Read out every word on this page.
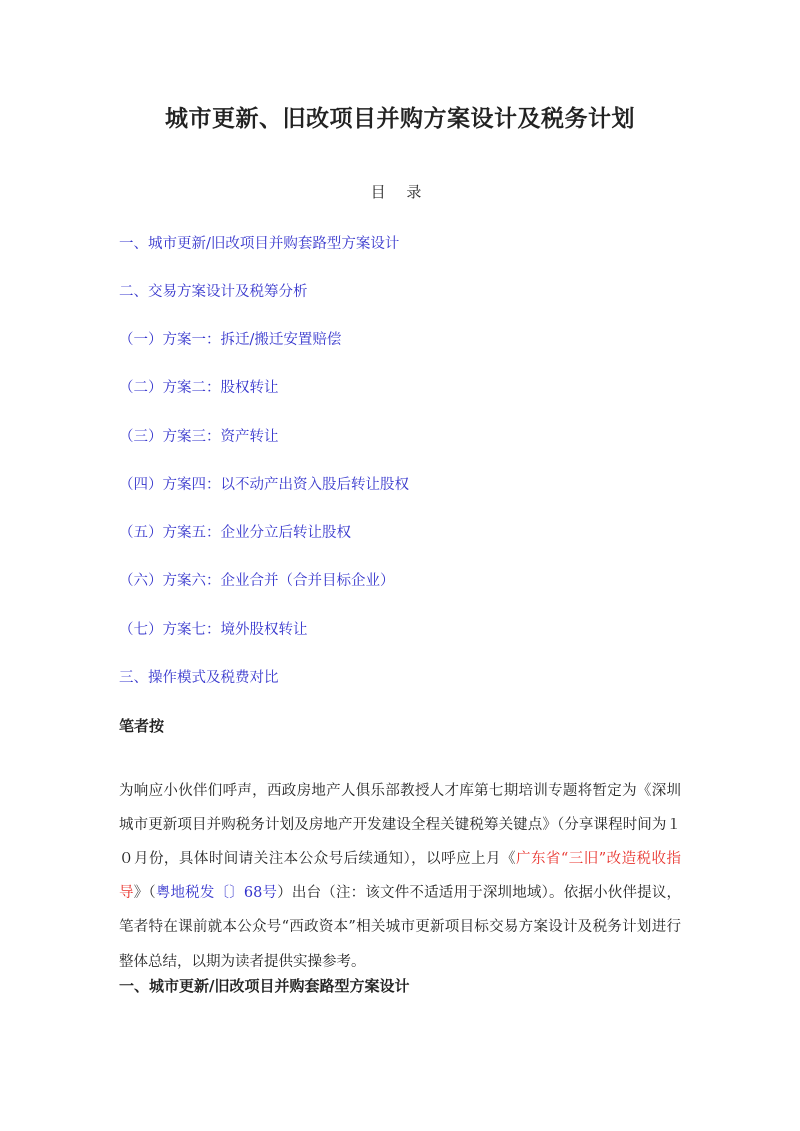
城市更新、旧改项目并购方案设计及税务计划
目 录
一、城市更新/旧改项目并购套路型方案设计
二、交易方案设计及税筹分析
（一）方案一：拆迁/搬迁安置赔偿
（二）方案二：股权转让
（三）方案三：资产转让
（四）方案四：以不动产出资入股后转让股权
（五）方案五：企业分立后转让股权
（六）方案六：企业合并（合并目标企业）
（七）方案七：境外股权转让
三、操作模式及税费对比
笔者按

为响应小伙伴们呼声，西政房地产人俱乐部教授人才库第七期培训专题将暂定为《深圳城市更新项目并购税务计划及房地产开发建设全程关键税筹关键点》（分享课程时间为１０月份，具体时间请关注本公众号后续通知），以呼应上月《广东省“三旧”改造税收指导》（粤地税发〔〕68号）出台（注：该文件不适适用于深圳地域）。依据小伙伴提议，笔者特在课前就本公众号“西政资本”相关城市更新项目标交易方案设计及税务计划进行整体总结，以期为读者提供实操参考。

一、城市更新/旧改项目并购套路型方案设计
